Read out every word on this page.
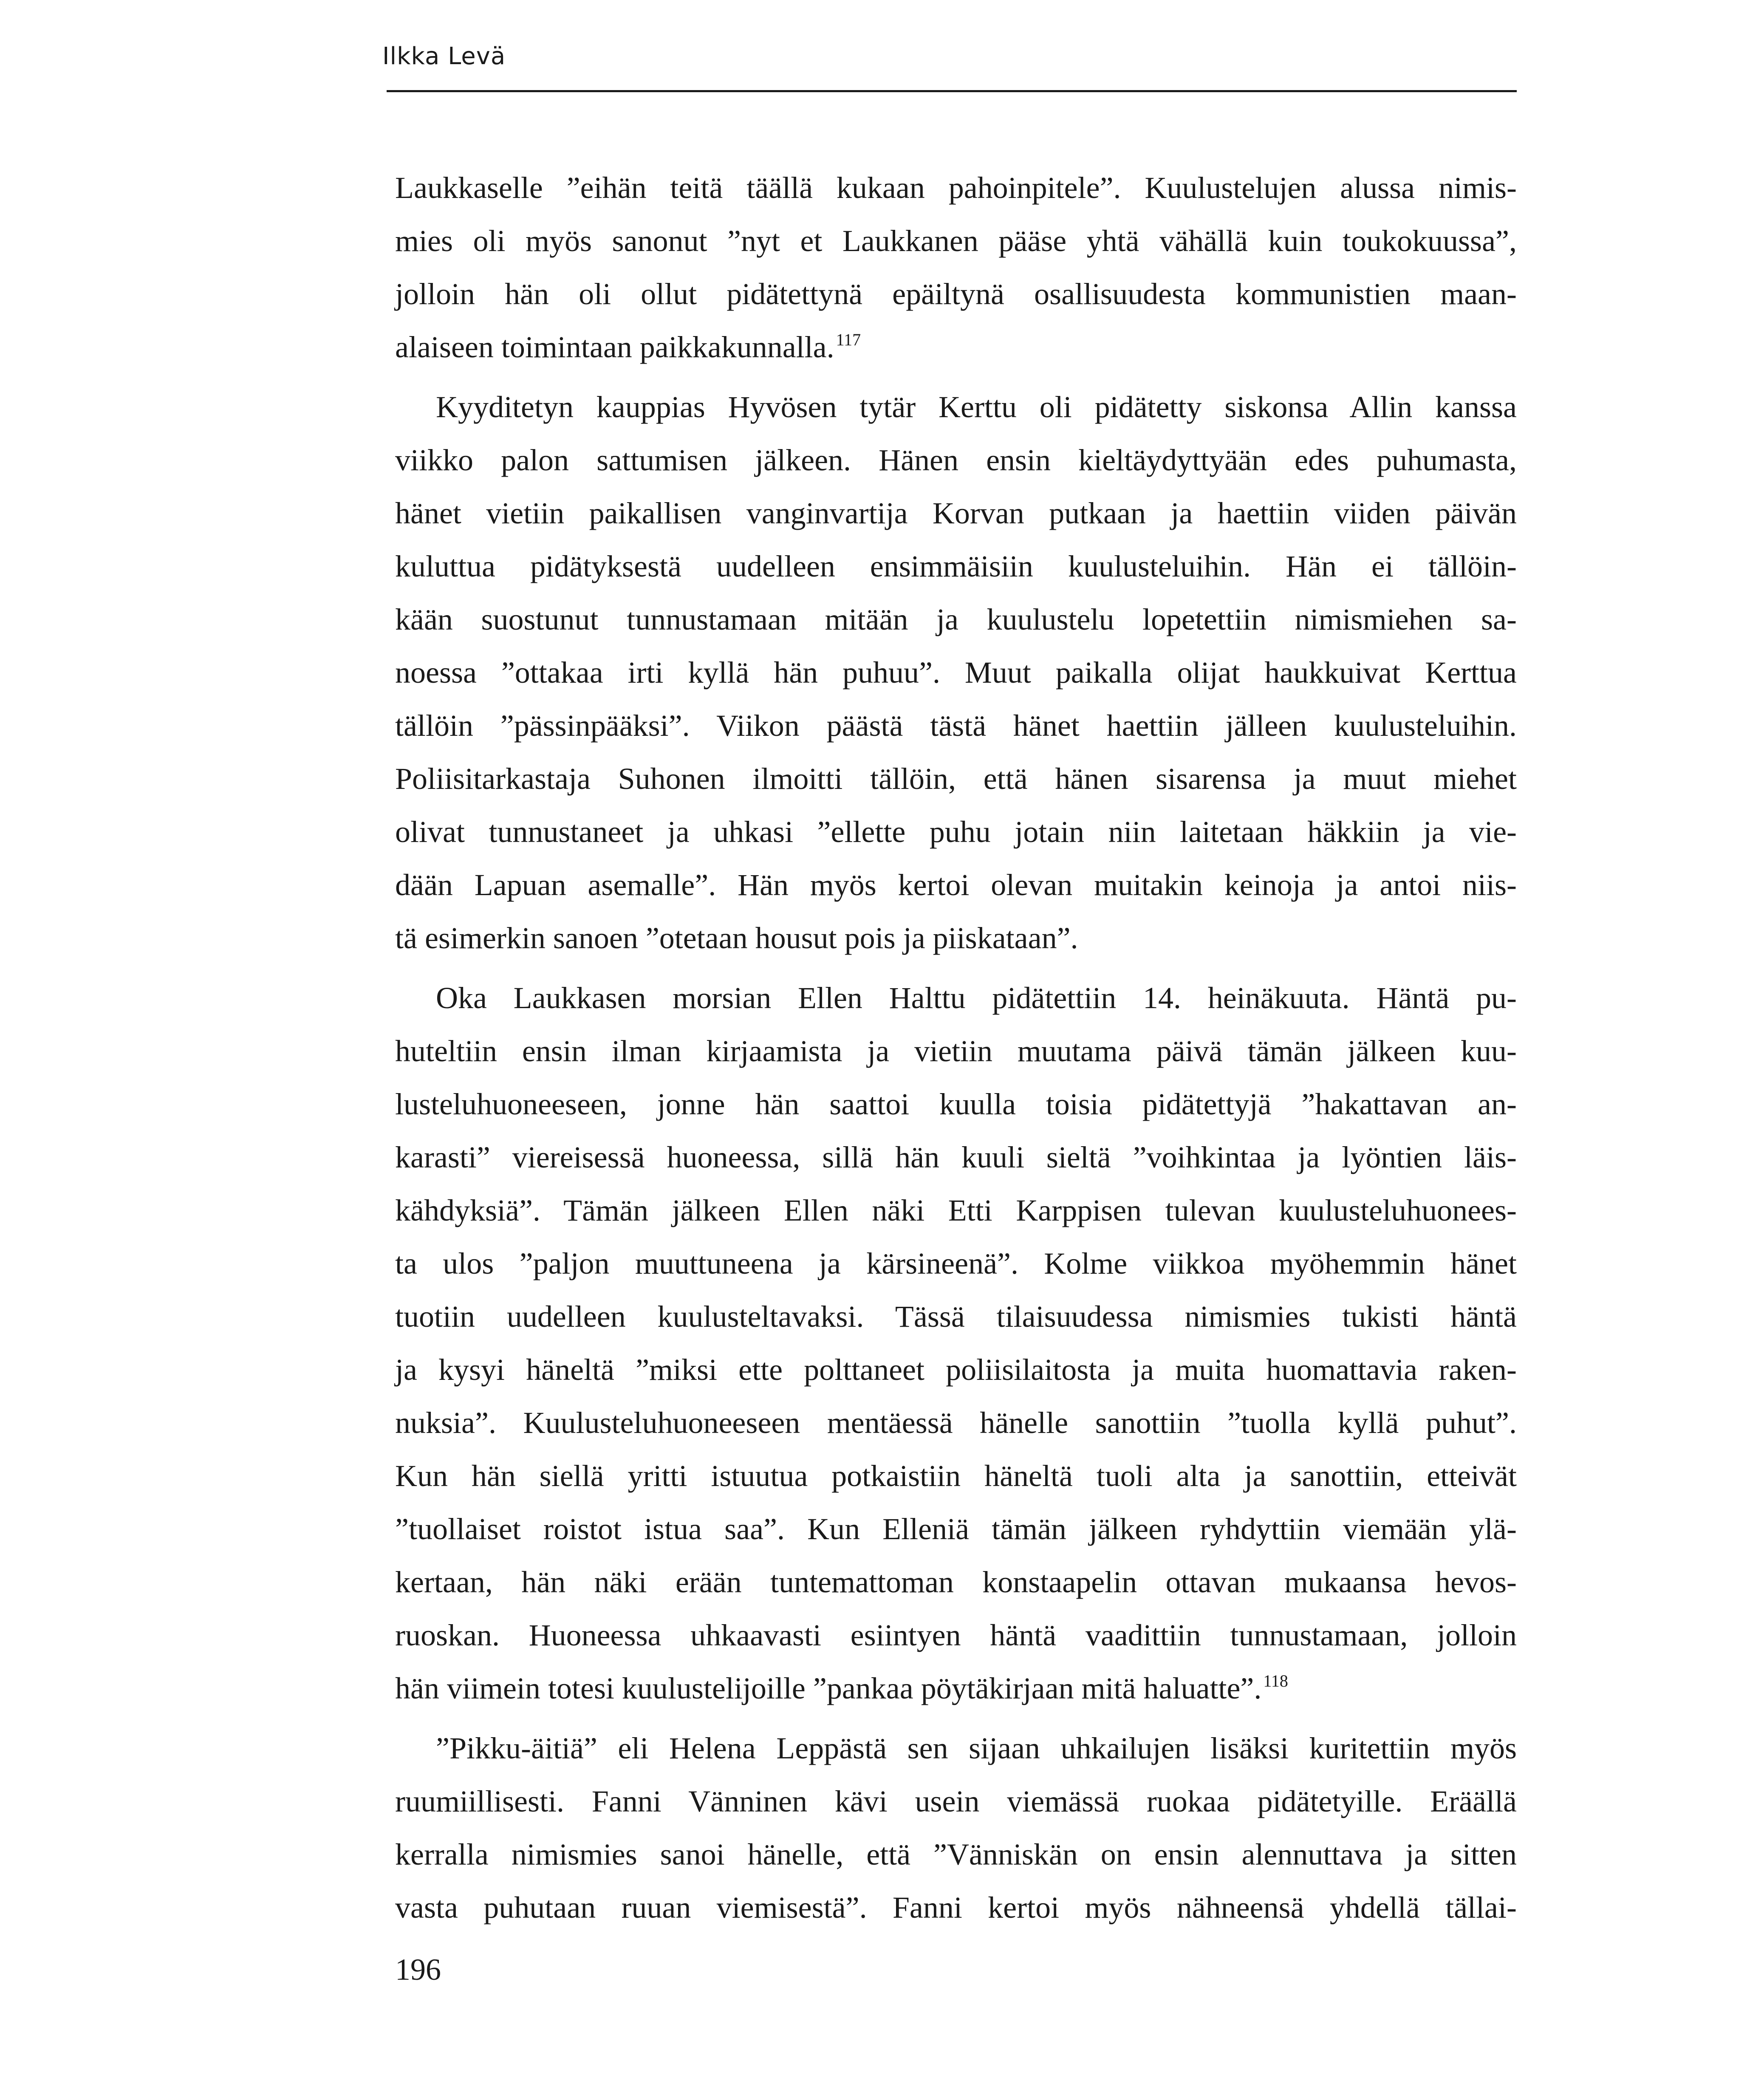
Ilkka Levä

Laukkaselle ”eihän teitä täällä kukaan pahoinpitele”. Kuulustelujen alussa nimis-
mies oli myös sanonut ”nyt et Laukkanen pääse yhtä vähällä kuin toukokuussa”,
jolloin hän oli ollut pidätettynä epäiltynä osallisuudesta kommunistien maan-
alaiseen toimintaan paikkakunnalla. $^{117}$

Kyyditetyn kauppias Hyvösen tytär Kerttu oli pidätetty siskonsa Allin kanssa
viikko palon sattumisen jälkeen. Hänen ensin kieltäydyttyään edes puhumasta,
hänet vietiin paikallisen vanginvartija Korvan putkaan ja haettiin viiden päivän
kuluttua pidätyksestä uudelleen ensimmäisiin kuulusteluihin. Hän ei tällöin-
kään suostunut tunnustamaan mitään ja kuulustelu lopetettiin nimismiehen sa-
noessa ”ottakaa irti kyllä hän puhuu”. Muut paikalla olijat haukkuivat Kerttua
tällöin ”pässinpääksi”. Viikon päästä tästä hänet haettiin jälleen kuulusteluihin.
Poliisitarkastaja Suhonen ilmoitti tällöin, että hänen sisarensa ja muut miehet
olivat tunnustaneet ja uhkasi ”ellette puhu jotain niin laitetaan häkkiin ja vie-
dään Lapuan asemalle”. Hän myös kertoi olevan muitakin keinoja ja antoi niis-
tä esimerkin sanoen ”otetaan housut pois ja piiskataan”.

Oka Laukkasen morsian Ellen Halttu pidätettiin 14. heinäkuuta. Häntä pu-
huteltiin ensin ilman kirjaamista ja vietiin muutama päivä tämän jälkeen kuu-
lusteluhuoneeseen, jonne hän saattoi kuulla toisia pidätettyjä ”hakattavan an-
karasti” viereisessä huoneessa, sillä hän kuuli sieltä ”voihkintaa ja lyöntien läis-
kähdyksiä”. Tämän jälkeen Ellen näki Etti Karppisen tulevan kuulusteluhuonees-
ta ulos ”paljon muuttuneena ja kärsineenä”. Kolme viikkoa myöhemmin hänet
tuotiin uudelleen kuulusteltavaksi. Tässä tilaisuudessa nimismies tukisti häntä
ja kysyi häneltä ”miksi ette polttaneet poliisilaitosta ja muita huomattavia raken-
nuksia”. Kuulusteluhuoneeseen mentäessä hänelle sanottiin ”tuolla kyllä puhut”.
Kun hän siellä yritti istuutua potkaistiin häneltä tuoli alta ja sanottiin, etteivät
”tuollaiset roistot istua saa”. Kun Elleniä tämän jälkeen ryhdyttiin viemään ylä-
kertaan, hän näki erään tuntemattoman konstaapelin ottavan mukaansa hevos-
ruoskan. Huoneessa uhkaavasti esiintyen häntä vaadittiin tunnustamaan, jolloin
hän viimein totesi kuulustelijoille ”pankaa pöytäkirjaan mitä haluatte”. $^{118}$

”Pikku-äitiä” eli Helena Leppästä sen sijaan uhkailujen lisäksi kuritettiin myös
ruumiillisesti. Fanni Vänninen kävi usein viemässä ruokaa pidätetyille. Eräällä
kerralla nimismies sanoi hänelle, että ”Vänniskän on ensin alennuttava ja sitten
vasta puhutaan ruuan viemisestä”. Fanni kertoi myös nähneensä yhdellä tällai-

196
